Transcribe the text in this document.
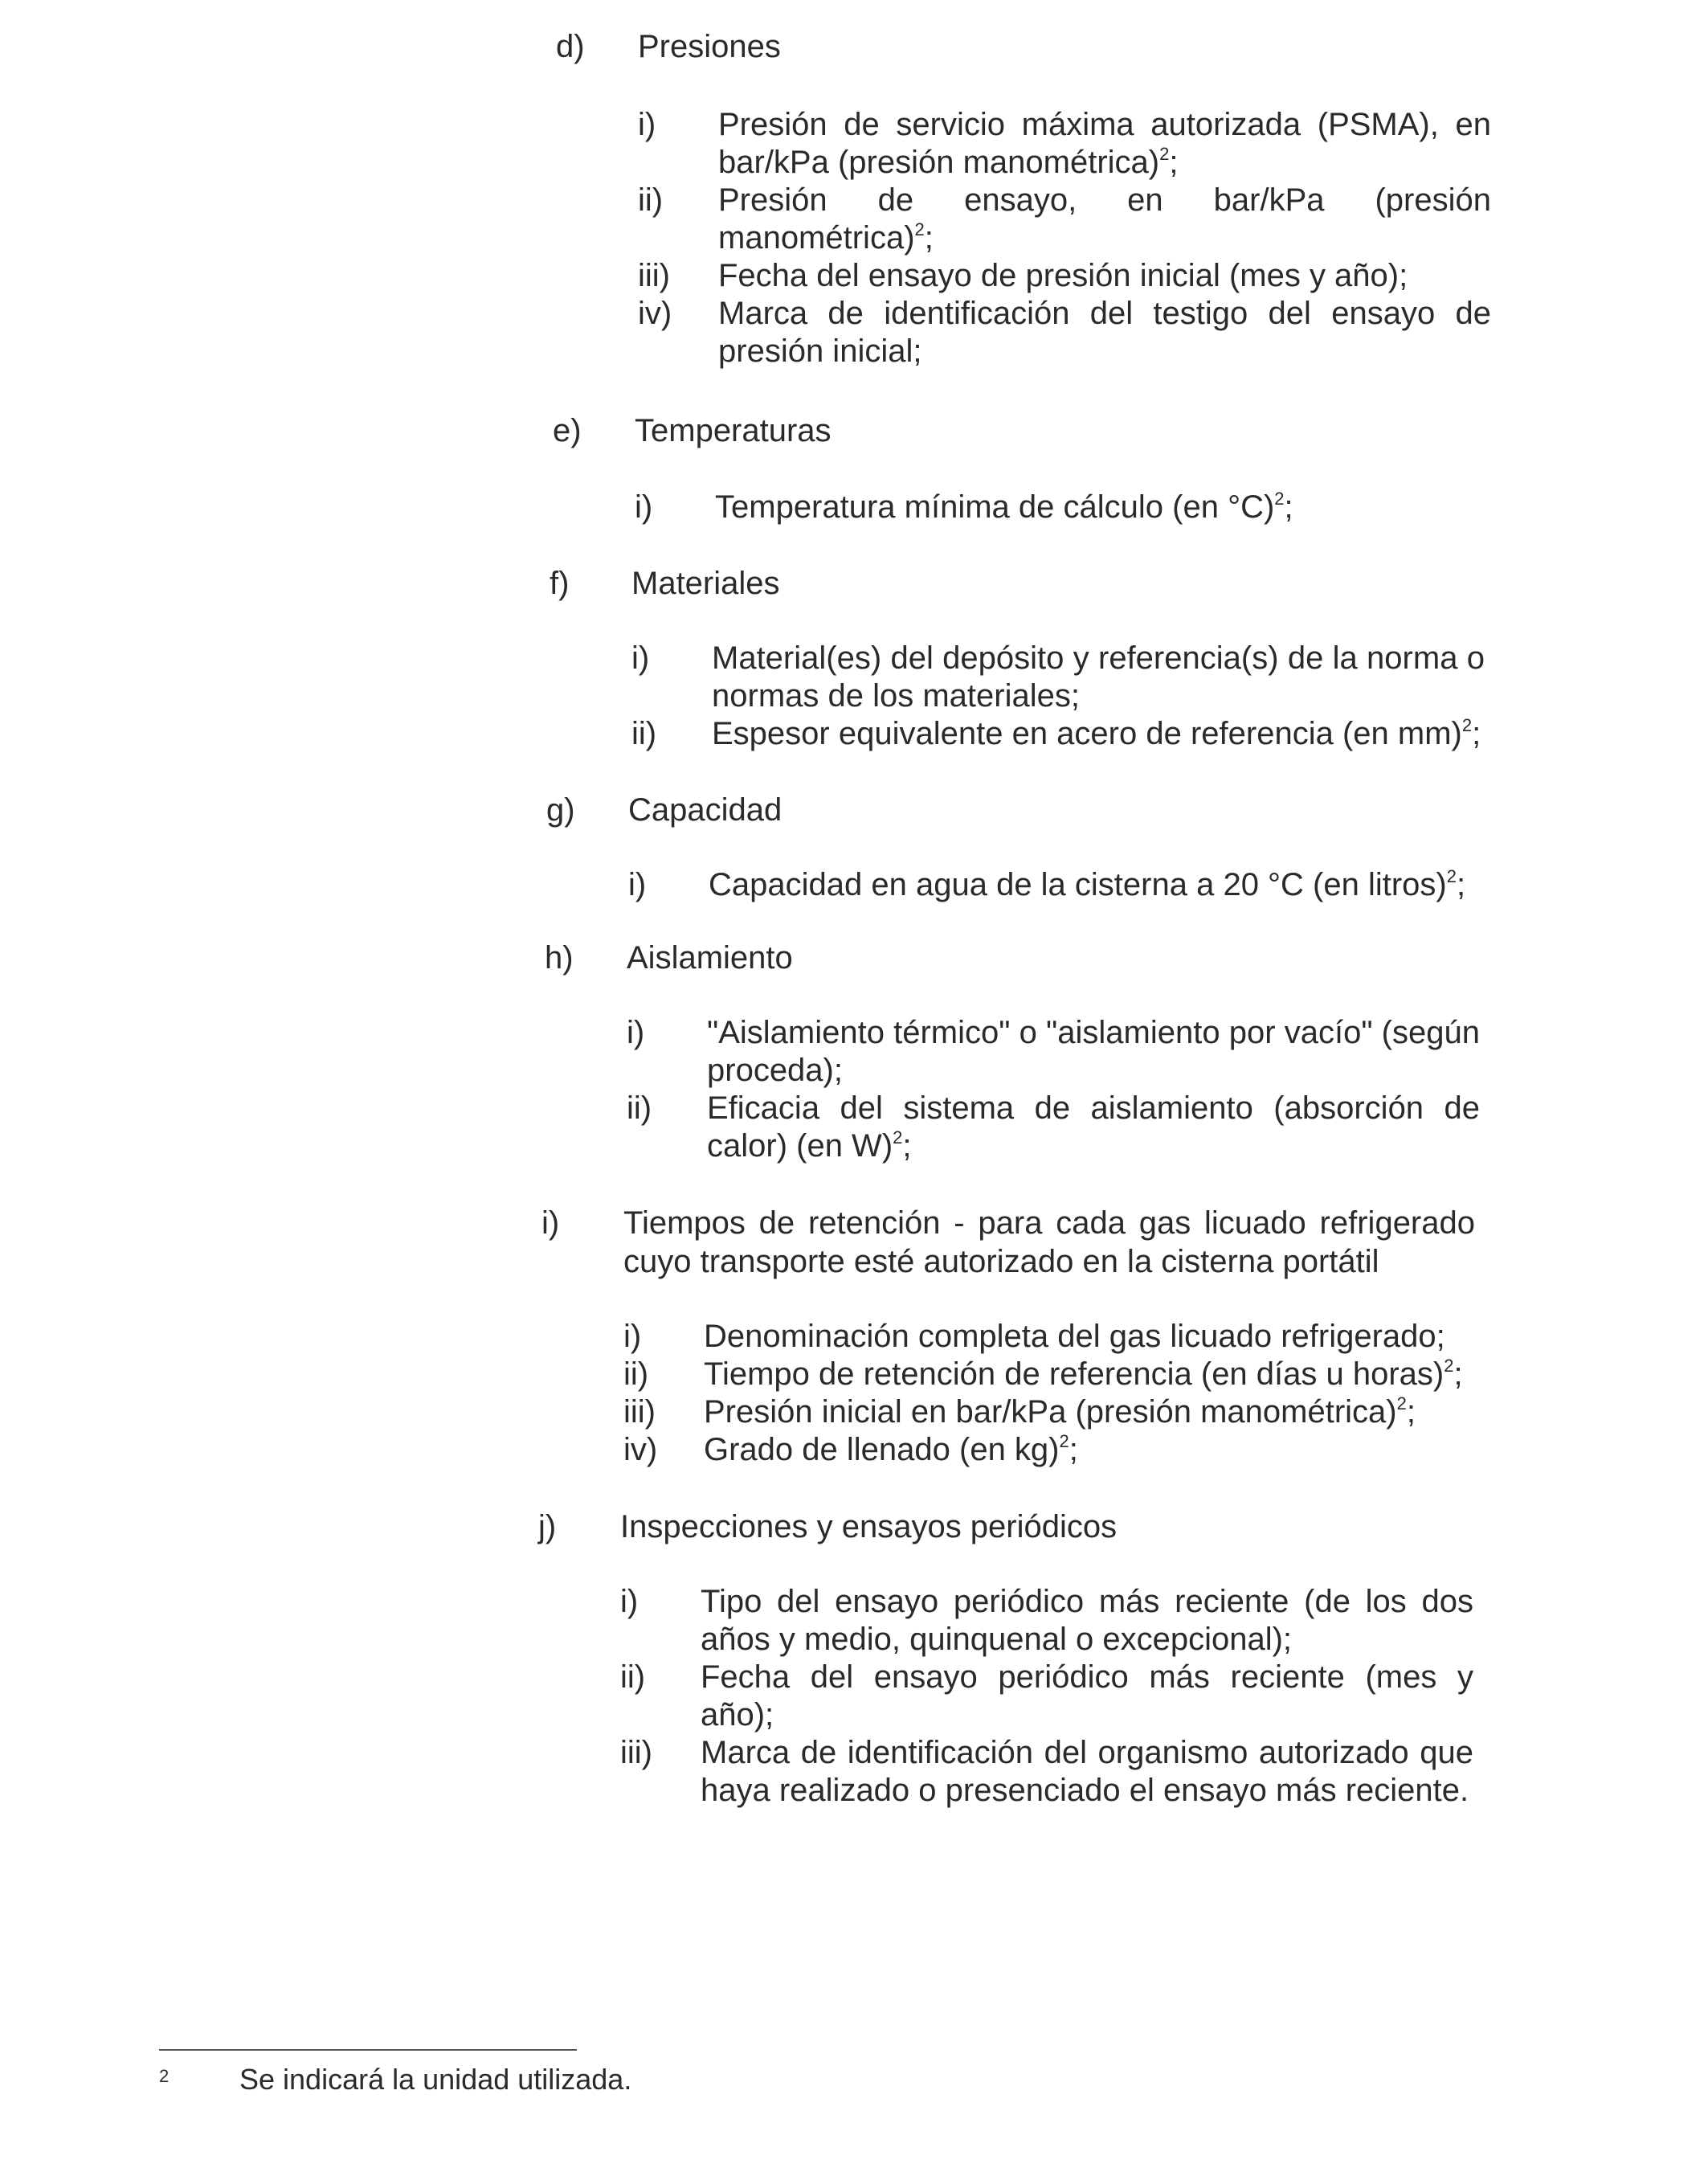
d) Presiones
i) Presión de servicio máxima autorizada (PSMA), en bar/kPa (presión manométrica)$^2$;
ii) Presión de ensayo, en bar/kPa (presión manométrica)$^2$;
iii) Fecha del ensayo de presión inicial (mes y año);
iv) Marca de identificación del testigo del ensayo de presión inicial;
e) Temperaturas
i) Temperatura mínima de cálculo (en °C)$^2$;
f) Materiales
i) Material(es) del depósito y referencia(s) de la norma o normas de los materiales;
ii) Espesor equivalente en acero de referencia (en mm)$^2$;
g) Capacidad
i) Capacidad en agua de la cisterna a 20 °C (en litros)$^2$;
h) Aislamiento
i) "Aislamiento térmico" o "aislamiento por vacío" (según proceda);
ii) Eficacia del sistema de aislamiento (absorción de calor) (en W)$^2$;
i) Tiempos de retención - para cada gas licuado refrigerado cuyo transporte esté autorizado en la cisterna portátil
i) Denominación completa del gas licuado refrigerado;
ii) Tiempo de retención de referencia (en días u horas)$^2$;
iii) Presión inicial en bar/kPa (presión manométrica)$^2$;
iv) Grado de llenado (en kg)$^2$;
j) Inspecciones y ensayos periódicos
i) Tipo del ensayo periódico más reciente (de los dos años y medio, quinquenal o excepcional);
ii) Fecha del ensayo periódico más reciente (mes y año);
iii) Marca de identificación del organismo autorizado que haya realizado o presenciado el ensayo más reciente.
2 Se indicará la unidad utilizada.
